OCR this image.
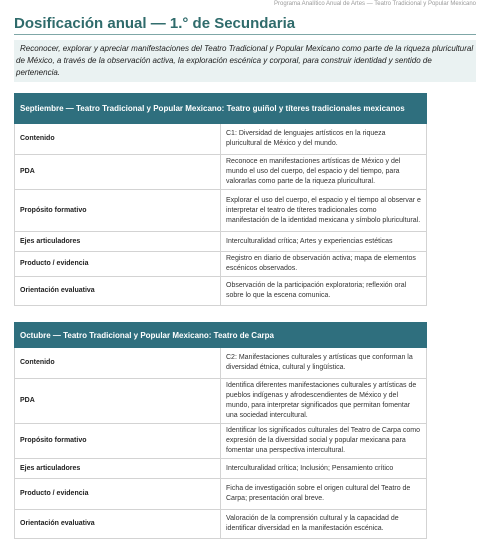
Programa Analítico Anual de Artes — Teatro Tradicional y Popular Mexicano
Dosificación anual — 1.° de Secundaria
Reconocer, explorar y apreciar manifestaciones del Teatro Tradicional y Popular Mexicano como parte de la riqueza pluricultural de México, a través de la observación activa, la exploración escénica y corporal, para construir identidad y sentido de pertenencia.
Septiembre — Teatro Tradicional y Popular Mexicano: Teatro guiñol y títeres tradicionales mexicanos	
Contenido	C1: Diversidad de lenguajes artísticos en la riqueza pluricultural de México y del mundo.
PDA	Reconoce en manifestaciones artísticas de México y del mundo el uso del cuerpo, del espacio y del tiempo, para valorarlas como parte de la riqueza pluricultural.
Propósito formativo	Explorar el uso del cuerpo, el espacio y el tiempo al observar e interpretar el teatro de títeres tradicionales como manifestación de la identidad mexicana y símbolo pluricultural.
Ejes articuladores	Interculturalidad crítica; Artes y experiencias estéticas
Producto / evidencia	Registro en diario de observación activa; mapa de elementos escénicos observados.
Orientación evaluativa	Observación de la participación exploratoria; reflexión oral sobre lo que la escena comunica.
Octubre — Teatro Tradicional y Popular Mexicano: Teatro de Carpa	
Contenido	C2: Manifestaciones culturales y artísticas que conforman la diversidad étnica, cultural y lingüística.
PDA	Identifica diferentes manifestaciones culturales y artísticas de pueblos indígenas y afrodescendientes de México y del mundo, para interpretar significados que permitan fomentar una sociedad intercultural.
Propósito formativo	Identificar los significados culturales del Teatro de Carpa como expresión de la diversidad social y popular mexicana para fomentar una perspectiva intercultural.
Ejes articuladores	Interculturalidad crítica; Inclusión; Pensamiento crítico
Producto / evidencia	Ficha de investigación sobre el origen cultural del Teatro de Carpa; presentación oral breve.
Orientación evaluativa	Valoración de la comprensión cultural y la capacidad de identificar diversidad en la manifestación escénica.
